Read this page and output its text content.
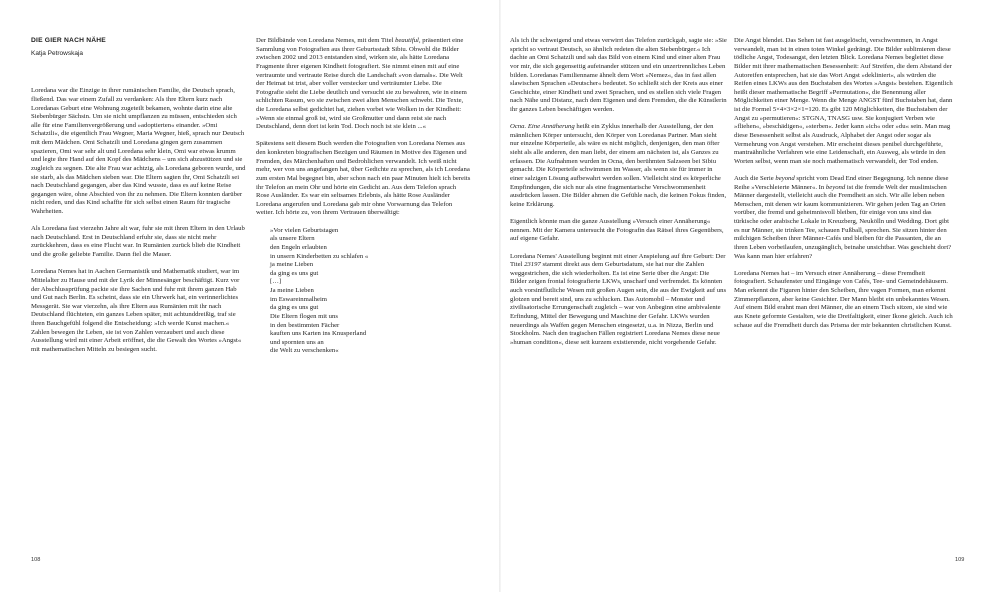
DIE GIER NACH NÄHE
Katja Petrowskaja

Loredana war die Einzige in ihrer rumänischen Familie, die Deutsch sprach, fließend. Das war einem Zufall zu verdanken: Als ihre Eltern kurz nach Loredanas Geburt eine Wohnung zugeteilt bekamen, wohnte darin eine alte Siebenbürger Sächsin. Um sie nicht umpflanzen zu müssen, entschieden sich alle für eine Familienvergrößerung und »adoptierten« einander. »Omi Schatzili«, die eigentlich Frau Wegner, Maria Wegner, hieß, sprach nur Deutsch mit dem Mädchen. Omi Schatzili und Loredana gingen gern zusammen spazieren, Omi war sehr alt und Loredana sehr klein, Omi war etwas krumm und legte ihre Hand auf den Kopf des Mädchens – um sich abzustützen und sie zugleich zu segnen. Die alte Frau war achtzig, als Loredana geboren wurde, und sie starb, als das Mädchen sieben war. Die Eltern sagten ihr, Omi Schatzili sei nach Deutschland gegangen, aber das Kind wusste, dass es auf keine Reise gegangen wäre, ohne Abschied von ihr zu nehmen. Die Eltern konnten darüber nicht reden, und das Kind schaffte für sich selbst einen Raum für tragische Wahrheiten.

Als Loredana fast vierzehn Jahre alt war, fuhr sie mit ihren Eltern in den Urlaub nach Deutschland. Erst in Deutschland erfuhr sie, dass sie nicht mehr zurückkehren, dass es eine Flucht war. In Rumänien zurück blieb die Kindheit und die große geliebte Familie. Dann fiel die Mauer.

Loredana Nemes hat in Aachen Germanistik und Mathematik studiert, war im Mittelalter zu Hause und mit der Lyrik der Minnesänger beschäftigt. Kurz vor der Abschlussprüfung packte sie ihre Sachen und fuhr mit ihrem ganzen Hab und Gut nach Berlin. Es scheint, dass sie ein Uhrwerk hat, ein verinnerlichtes Messgerät. Sie war vierzehn, als ihre Eltern aus Rumänien mit ihr nach Deutschland flüchteten, ein ganzes Leben später, mit achtunddreißig, traf sie ihren Bauchgefühl folgend die Entscheidung: »Ich werde Kunst machen.« Zahlen bewegen ihr Leben, sie ist von Zahlen verzaubert und auch diese Ausstellung wird mit einer Arbeit eröffnet, die die Gewalt des Wortes »Angst« mit mathematischen Mitteln zu besiegen sucht.

Der Bildbände von Loredana Nemes, mit dem Titel beautiful, präsentiert eine Sammlung von Fotografien aus ihrer Geburtsstadt Sibiu. Obwohl die Bilder zwischen 2002 und 2013 entstanden sind, wirken sie, als hätte Loredana Fragmente ihrer eigenen Kindheit fotografiert. Sie nimmt einen mit auf eine vertraumte und vertraute Reise durch die Landschaft »von damals«. Die Welt der Heimat ist trist, aber voller verstecker und verträumter Liebe. Die Fotografie sieht die Liebe deutlich und versucht sie zu bewahren, wie in einem schlichten Rasum, wo sie zwischen zwei alten Menschen schwebt. Die Texte, die Loredana selbst gedichtet hat, ziehen vorbei wie Wolken in der Kindheit: »Wenn sie einmal groß ist, wird sie Großmutter und dann reist sie nach Deutschland, denn dort ist kein Tod. Doch noch ist sie klein ...«

Spätestens seit diesem Buch werden die Fotografien von Loredana Nemes aus den konkreten biografischen Bezügen und Räumen in Motive des Eigenen und Fremden, des Märchenhaften und Bedrohlichen verwandelt. Ich weiß nicht mehr, wer von uns angefangen hat, über Gedichte zu sprechen, als ich Loredana zum ersten Mal begegnet bin, aber schon nach ein paar Minuten hielt ich bereits ihr Telefon an mein Ohr und hörte ein Gedicht an. Aus dem Telefon sprach Rose Ausländer. Es war ein seltsames Erlebnis, als hätte Rose Ausländer Loredana angerufen und Loredana gab mir ohne Vorwarnung das Telefon weiter. Ich hörte zu, von ihrem Vertrauen überwältigt:

»Vor vielen Geburtstagen
als unsere Eltern
den Engeln erlaubten
in unsern Kinderbetten zu schlafen «
ja meine Lieben
da ging es uns gut
[…]
Ja meine Lieben
im Eswareinmalheim
da ging es uns gut
Die Eltern flogen mit uns
in den bestimmten Fächer
kauften uns Karten ins Knusperland
und spornten uns an
die Welt zu verschenken«
108

Als ich ihr schweigend und etwas verwirrt das Telefon zurückgab, sagte sie: »Sie spricht so vertraut Deutsch, so ähnlich redeten die alten Siebenbürger.« Ich dachte an Omi Schatzili und sah das Bild von einem Kind und einer alten Frau vor mir, die sich gegenseitig aufeinander stützen und ein unzertrennliches Leben bilden. Loredanas Familienname ähnelt dem Wort »Nemez«, das in fast allen slawischen Sprachen »Deutscher« bedeutet. So schließt sich der Kreis aus einer Geschichte, einer Kindheit und zwei Sprachen, und es stellen sich viele Fragen nach Nähe und Distanz, nach dem Eigenen und dem Fremden, die die Künstlerin ihr ganzes Leben beschäftigen werden.

Ocna. Eine Annäherung heißt ein Zyklus innerhalb der Ausstellung, der den männlichen Körper untersucht, den Körper von Loredanas Partner. Man sieht nur einzelne Körperteile, als wäre es nicht möglich, denjenigen, den man öfter sieht als alle anderen, den man liebt, der einem am nächsten ist, als Ganzes zu erfassen. Die Aufnahmen wurden in Ocna, den berühmten Salzseen bei Sibiu gemacht. Die Körperteile schwimmen im Wasser, als wenn sie für immer in einer salzigen Lösung aufbewahrt werden sollen. Vielleicht sind es körperliche Empfindungen, die sich nur als eine fragmentarische Verschwommenheit ausdrücken lassen. Die Bilder ahmen die Gefühle nach, die keinen Fokus finden, keine Erklärung.

Eigentlich könnte man die ganze Ausstellung »Versuch einer Annäherung« nennen. Mit der Kamera untersucht die Fotografin das Rätsel ihres Gegenübers, auf eigene Gefahr.

Loredana Nemes' Ausstellung beginnt mit einer Anspielung auf ihre Geburt: Der Titel 23197 stammt direkt aus dem Geburtsdatum, sie hat nur die Zahlen weggestrichen, die sich wiederholten. Es ist eine Serie über die Angst: Die Bilder zeigen frontal fotografierte LKWs, unscharf und verfremdet. Es könnten auch vorsintflutliche Wesen mit großen Augen sein, die aus der Ewigkeit auf uns glotzen und bereit sind, uns zu schlucken. Das Automobil – Monster und zivilisatorische Errungenschaft zugleich – war von Anbeginn eine ambivalente Erfindung, Mittel der Bewegung und Maschine der Gefahr. LKWs wurden neuerdings als Waffen gegen Menschen eingesetzt, u.a. in Nizza, Berlin und Stockholm. Nach den tragischen Fällen registriert Loredana Nemes diese neue »human condition«, diese seit kurzem existierende, nicht vorgehende Gefahr.

Die Angst blendet. Das Sehen ist fast ausgelöscht, verschwommen, in Angst verwandelt, man ist in einen toten Winkel gedrängt. Die Bilder sublimieren diese tödliche Angst, Todesangst, den letzten Blick. Loredana Nemes begleitet diese Bilder mit ihrer mathematischen Besessenheit: Auf Streifen, die dem Abstand der Autoreifen entsprechen, hat sie das Wort Angst »dekliniert«, als würden die Reifen eines LKWs aus den Buchstaben des Wortes »Angst« bestehen. Eigentlich heißt dieser mathematische Begriff »Permutation«, die Benennung aller Möglichkeiten einer Menge. Wenn die Menge ANGST fünf Buchstaben hat, dann ist die Formel 5×4×3×2×1=120. Es gibt 120 Möglichkeiten, die Buchstaben der Angst zu »permutieren«: STGNA, TNASG usw. Sie konjugiert Verben wie »fliehen«, »beschädigen«, »sterben«. Jeder kann »ich« oder »du« sein. Man mag diese Besessenheit selbst als Ausdruck, Alphabet der Angst oder sogar als Vermehrung von Angst verstehen. Mir erscheint dieses penibel durchgeführte, mantraähnliche Verfahren wie eine Leidenschaft, ein Ausweg, als würde in den Worten selbst, wenn man sie noch mathematisch verwandelt, der Tod enden.

Auch die Serie beyond spricht vom Dead End einer Begegnung. Ich nenne diese Reihe »Verschleierte Männer«. In beyond ist die fremde Welt der muslimischen Männer dargestellt, vielleicht auch die Fremdheit an sich. Wir alle leben neben Menschen, mit denen wir kaum kommunizieren. Wir gehen jeden Tag an Orten vorüber, die fremd und geheimnisvoll bleiben, für einige von uns sind das türkische oder arabische Lokale in Kreuzberg, Neukölln und Wedding. Dort gibt es nur Männer, sie trinken Tee, schauen Fußball, sprechen. Sie sitzen hinter den milchigen Scheiben ihrer Männer-Cafés und bleiben für die Passanten, die an ihren Leben vorbeilaufen, unzugänglich, beinahe unsichtbar. Was geschieht dort? Was kann man hier erfahren?

Loredana Nemes hat – im Versuch einer Annäherung – diese Fremdheit fotografiert. Schaufenster und Eingänge von Cafés, Tee- und Gemeindehäusern. Man erkennt die Figuren hinter den Scheiben, ihre vagen Formen, man erkennt Zimmerpflanzen, aber keine Gesichter. Der Mann bleibt ein unbekanntes Wesen. Auf einem Bild erahnt man drei Männer, die an einem Tisch sitzen, sie sind wie aus Knete geformte Gestalten, wie die Dreifaltigkeit, einer Ikone gleich. Auch ich schaue auf die Fremdheit durch das Prisma der mir bekannten christlichen Kunst.

109
